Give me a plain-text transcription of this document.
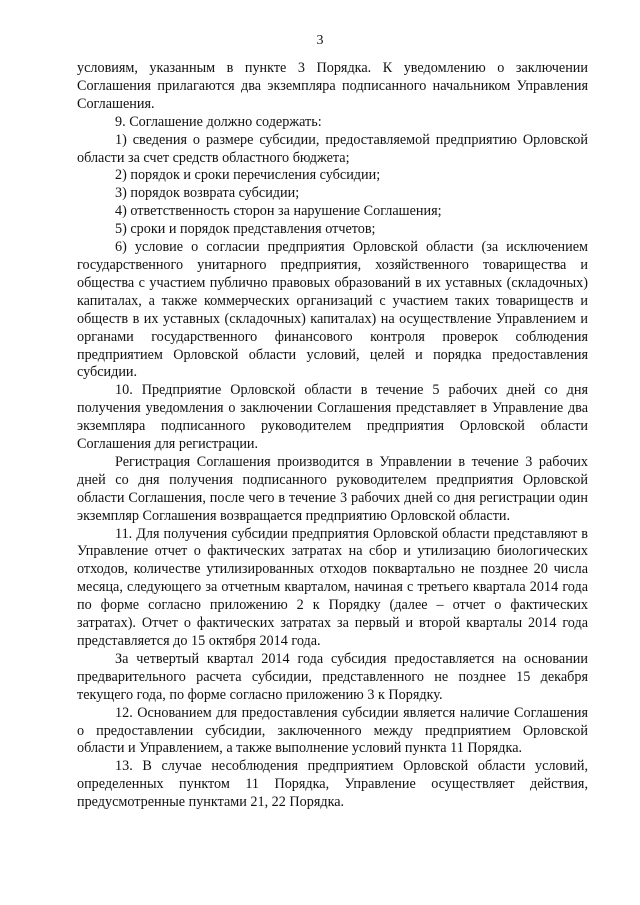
3

условиям, указанным в пункте 3 Порядка. К уведомлению о заключении Соглашения прилагаются два экземпляра подписанного начальником Управления Соглашения.

9. Соглашение должно содержать:

1) сведения о размере субсидии, предоставляемой предприятию Орловской области за счет средств областного бюджета;

2) порядок и сроки перечисления субсидии;

3) порядок возврата субсидии;

4) ответственность сторон за нарушение Соглашения;

5) сроки и порядок представления отчетов;

6) условие о согласии предприятия Орловской области (за исключением государственного унитарного предприятия, хозяйственного товарищества и общества с участием публично правовых образований в их уставных (складочных) капиталах, а также коммерческих организаций с участием таких товариществ и обществ в их уставных (складочных) капиталах) на осуществление Управлением и органами государственного финансового контроля проверок соблюдения предприятием Орловской области условий, целей и порядка предоставления субсидии.

10. Предприятие Орловской области в течение 5 рабочих дней со дня получения уведомления о заключении Соглашения представляет в Управление два экземпляра подписанного руководителем предприятия Орловской области Соглашения для регистрации.

Регистрация Соглашения производится в Управлении в течение 3 рабочих дней со дня получения подписанного руководителем предприятия Орловской области Соглашения, после чего в течение 3 рабочих дней со дня регистрации один экземпляр Соглашения возвращается предприятию Орловской области.

11. Для получения субсидии предприятия Орловской области представляют в Управление отчет о фактических затратах на сбор и утилизацию биологических отходов, количестве утилизированных отходов поквартально не позднее 20 числа месяца, следующего за отчетным кварталом, начиная с третьего квартала 2014 года по форме согласно приложению 2 к Порядку (далее – отчет о фактических затратах). Отчет о фактических затратах за первый и второй кварталы 2014 года представляется до 15 октября 2014 года.

За четвертый квартал 2014 года субсидия предоставляется на основании предварительного расчета субсидии, представленного не позднее 15 декабря текущего года, по форме согласно приложению 3 к Порядку.

12. Основанием для предоставления субсидии является наличие Соглашения о предоставлении субсидии, заключенного между предприятием Орловской области и Управлением, а также выполнение условий пункта 11 Порядка.

13. В случае несоблюдения предприятием Орловской области условий, определенных пунктом 11 Порядка, Управление осуществляет действия, предусмотренные пунктами 21, 22 Порядка.
